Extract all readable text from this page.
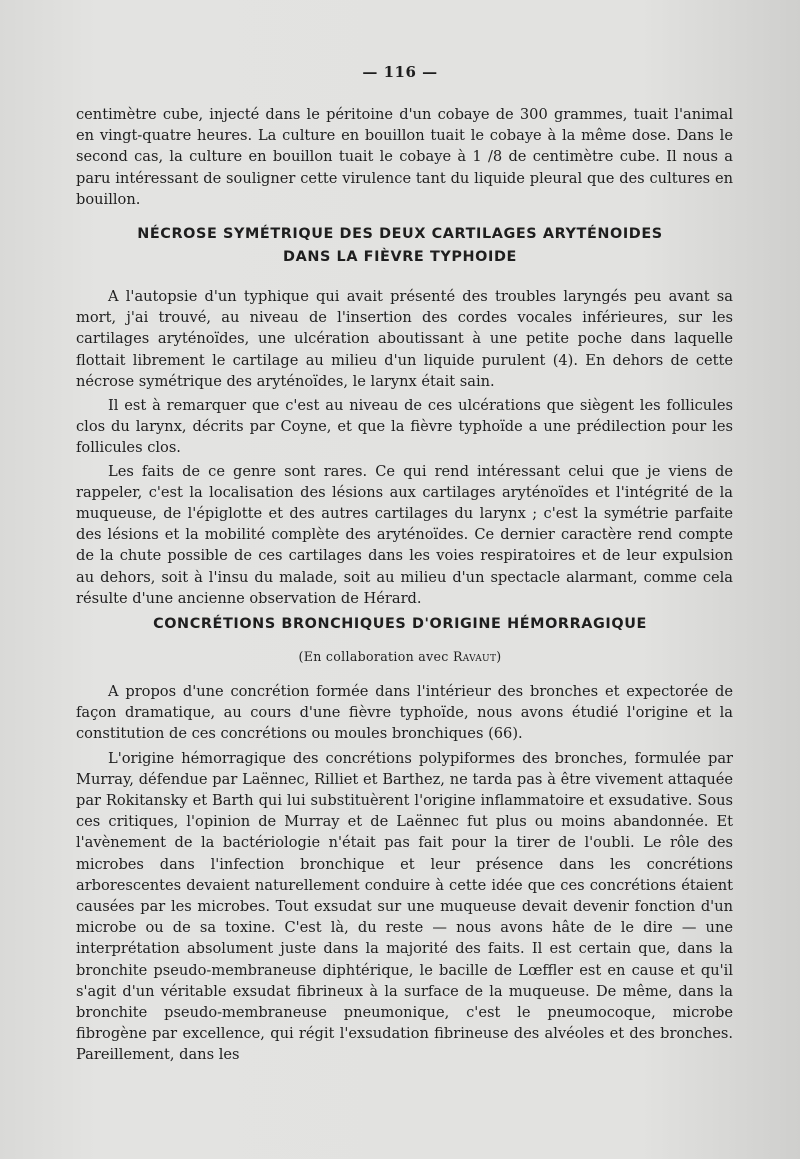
— 116 —

centimètre cube, injecté dans le péritoine d'un cobaye de 300 grammes, tuait l'animal en vingt-quatre heures. La culture en bouillon tuait le cobaye à la même dose. Dans le second cas, la culture en bouillon tuait le cobaye à 1 /8 de centimètre cube. Il nous a paru intéressant de souligner cette virulence tant du liquide pleural que des cultures en bouillon.

NÉCROSE SYMÉTRIQUE DES DEUX CARTILAGES ARYTÉNOIDES
DANS LA FIÈVRE TYPHOIDE

A l'autopsie d'un typhique qui avait présenté des troubles laryngés peu avant sa mort, j'ai trouvé, au niveau de l'insertion des cordes vocales inférieures, sur les cartilages aryténoïdes, une ulcération aboutissant à une petite poche dans laquelle flottait librement le cartilage au milieu d'un liquide purulent (4). En dehors de cette nécrose symétrique des aryténoïdes, le larynx était sain.

Il est à remarquer que c'est au niveau de ces ulcérations que siègent les follicules clos du larynx, décrits par Coyne, et que la fièvre typhoïde a une prédilection pour les follicules clos.

Les faits de ce genre sont rares. Ce qui rend intéressant celui que je viens de rappeler, c'est la localisation des lésions aux cartilages aryténoïdes et l'intégrité de la muqueuse, de l'épiglotte et des autres cartilages du larynx ; c'est la symétrie parfaite des lésions et la mobilité complète des aryténoïdes. Ce dernier caractère rend compte de la chute possible de ces cartilages dans les voies respiratoires et de leur expulsion au dehors, soit à l'insu du malade, soit au milieu d'un spectacle alarmant, comme cela résulte d'une ancienne observation de Hérard.

CONCRÉTIONS BRONCHIQUES D'ORIGINE HÉMORRAGIQUE
(En collaboration avec Ravaut)

A propos d'une concrétion formée dans l'intérieur des bronches et expectorée de façon dramatique, au cours d'une fièvre typhoïde, nous avons étudié l'origine et la constitution de ces concrétions ou moules bronchiques (66).

L'origine hémorragique des concrétions polypiformes des bronches, formulée par Murray, défendue par Laënnec, Rilliet et Barthez, ne tarda pas à être vivement attaquée par Rokitansky et Barth qui lui substituèrent l'origine inflammatoire et exsudative. Sous ces critiques, l'opinion de Murray et de Laënnec fut plus ou moins abandonnée. Et l'avènement de la bactériologie n'était pas fait pour la tirer de l'oubli. Le rôle des microbes dans l'infection bronchique et leur présence dans les concrétions arborescentes devaient naturellement conduire à cette idée que ces concrétions étaient causées par les microbes. Tout exsudat sur une muqueuse devait devenir fonction d'un microbe ou de sa toxine. C'est là, du reste — nous avons hâte de le dire — une interprétation absolument juste dans la majorité des faits. Il est certain que, dans la bronchite pseudo-membraneuse diphtérique, le bacille de Lœffler est en cause et qu'il s'agit d'un véritable exsudat fibrineux à la surface de la muqueuse. De même, dans la bronchite pseudo-membraneuse pneumonique, c'est le pneumocoque, microbe fibrogène par excellence, qui régit l'exsudation fibrineuse des alvéoles et des bronches. Pareillement, dans les
